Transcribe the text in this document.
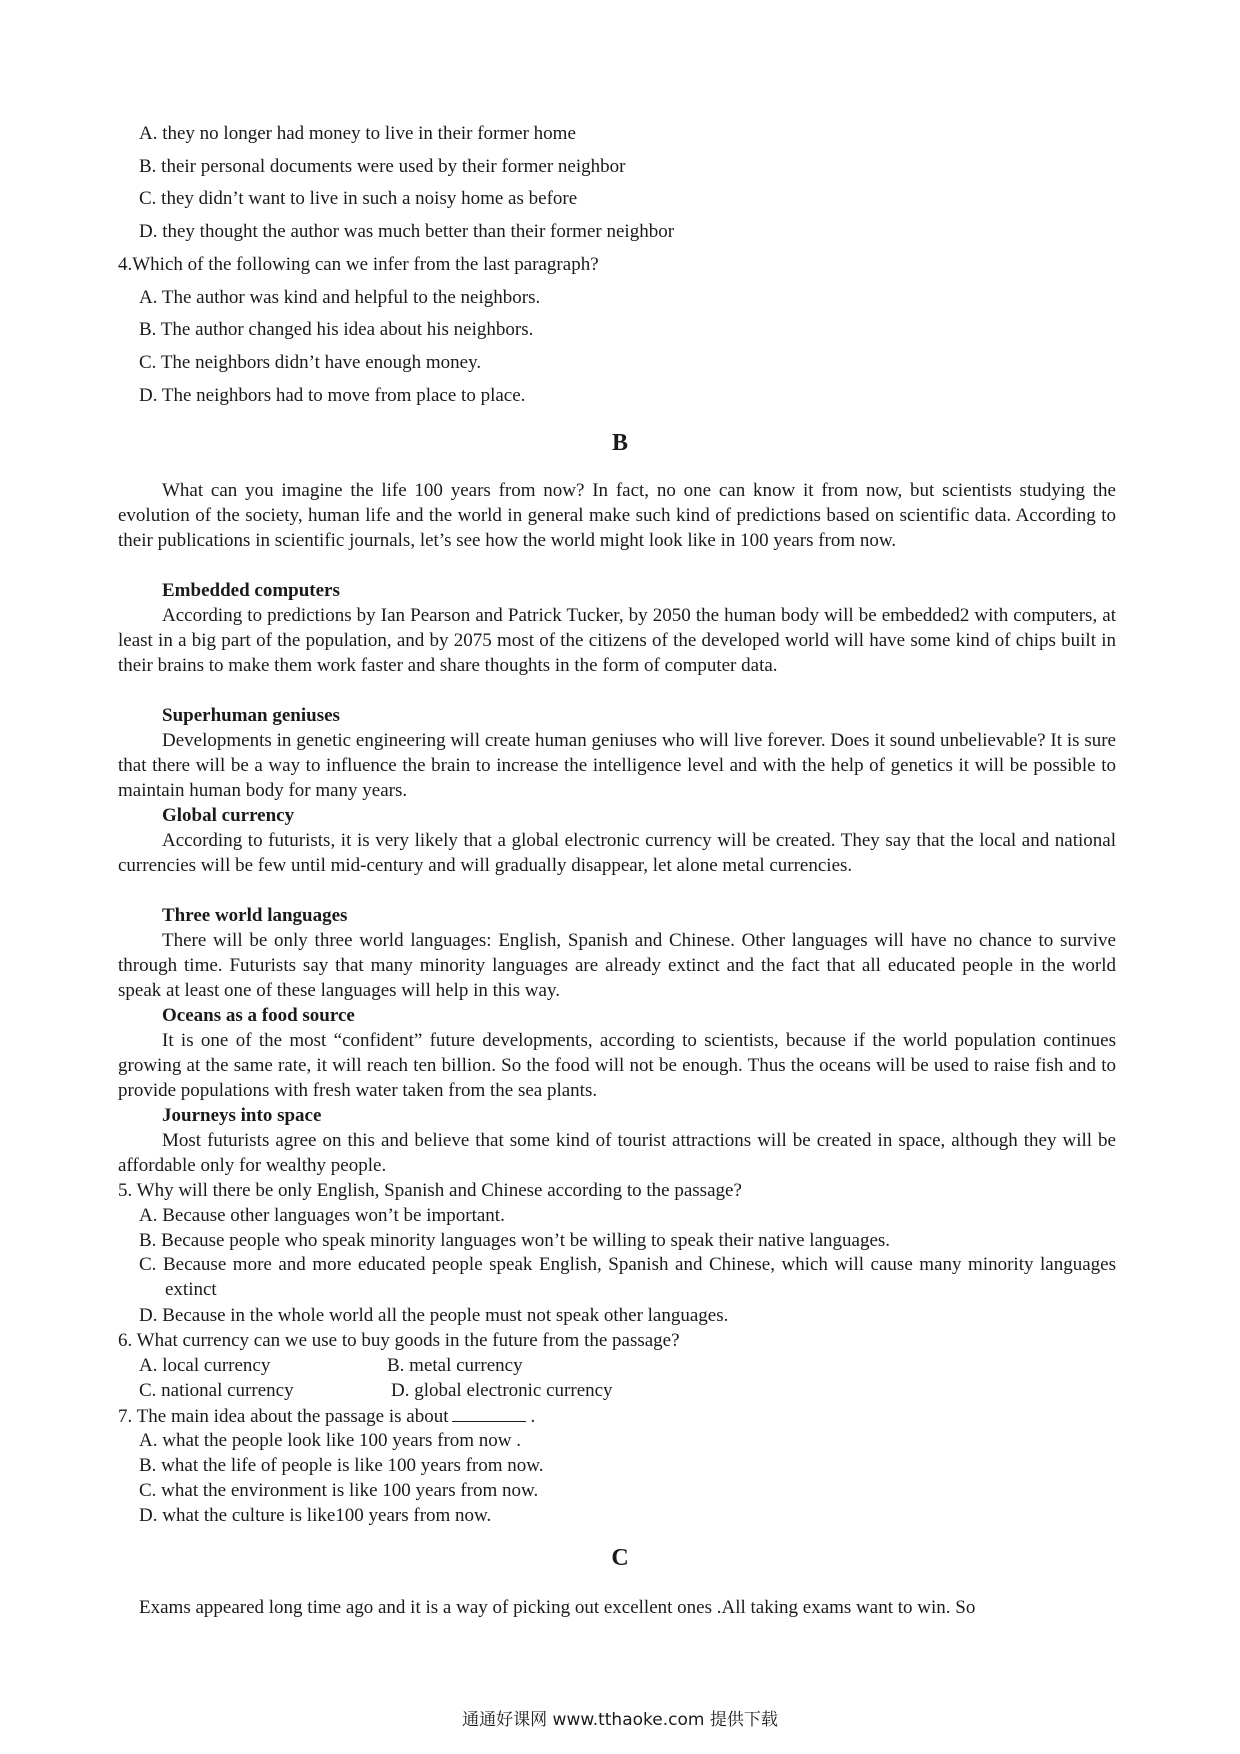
A. they no longer had money to live in their former home
B. their personal documents were used by their former neighbor
C. they didn’t want to live in such a noisy home as before
D. they thought the author was much better than their former neighbor
4.Which of the following can we infer from the last paragraph?
A. The author was kind and helpful to the neighbors.
B. The author changed his idea about his neighbors.
C. The neighbors didn’t have enough money.
D. The neighbors had to move from place to place.
B
What can you imagine the life 100 years from now? In fact, no one can know it from now, but scientists studying the evolution of the society, human life and the world in general make such kind of predictions based on scientific data. According to their publications in scientific journals, let’s see how the world might look like in 100 years from now.
Embedded computers
According to predictions by Ian Pearson and Patrick Tucker, by 2050 the human body will be embedded2 with computers, at least in a big part of the population, and by 2075 most of the citizens of the developed world will have some kind of chips built in their brains to make them work faster and share thoughts in the form of computer data.
Superhuman geniuses
Developments in genetic engineering will create human geniuses who will live forever. Does it sound unbelievable? It is sure that there will be a way to influence the brain to increase the intelligence level and with the help of genetics it will be possible to maintain human body for many years.
Global currency
According to futurists, it is very likely that a global electronic currency will be created. They say that the local and national currencies will be few until mid-century and will gradually disappear, let alone metal currencies.
Three world languages
There will be only three world languages: English, Spanish and Chinese. Other languages will have no chance to survive through time. Futurists say that many minority languages are already extinct and the fact that all educated people in the world speak at least one of these languages will help in this way.
Oceans as a food source
It is one of the most “confident” future developments, according to scientists, because if the world population continues growing at the same rate, it will reach ten billion. So the food will not be enough. Thus the oceans will be used to raise fish and to provide populations with fresh water taken from the sea plants.
Journeys into space
Most futurists agree on this and believe that some kind of tourist attractions will be created in space, although they will be affordable only for wealthy people.
5. Why will there be only English, Spanish and Chinese according to the passage?
A. Because other languages won’t be important.
B. Because people who speak minority languages won’t be willing to speak their native languages.
C. Because more and more educated people speak English, Spanish and Chinese, which will cause many minority languages extinct
D. Because in the whole world all the people must not speak other languages.
6. What currency can we use to buy goods in the future from the passage?
A. local currency	B. metal currency
C. national currency	D. global electronic currency
7. The main idea about the passage is about	.
A. what the people look like 100 years from now .
B. what the life of people is like 100 years from now.
C. what the environment is like 100 years from now.
D. what the culture is like100 years from now.
C
Exams appeared long time ago and it is a way of picking out excellent ones .All taking exams want to win. So
通通好课网 www.tthaoke.com 提供下载
